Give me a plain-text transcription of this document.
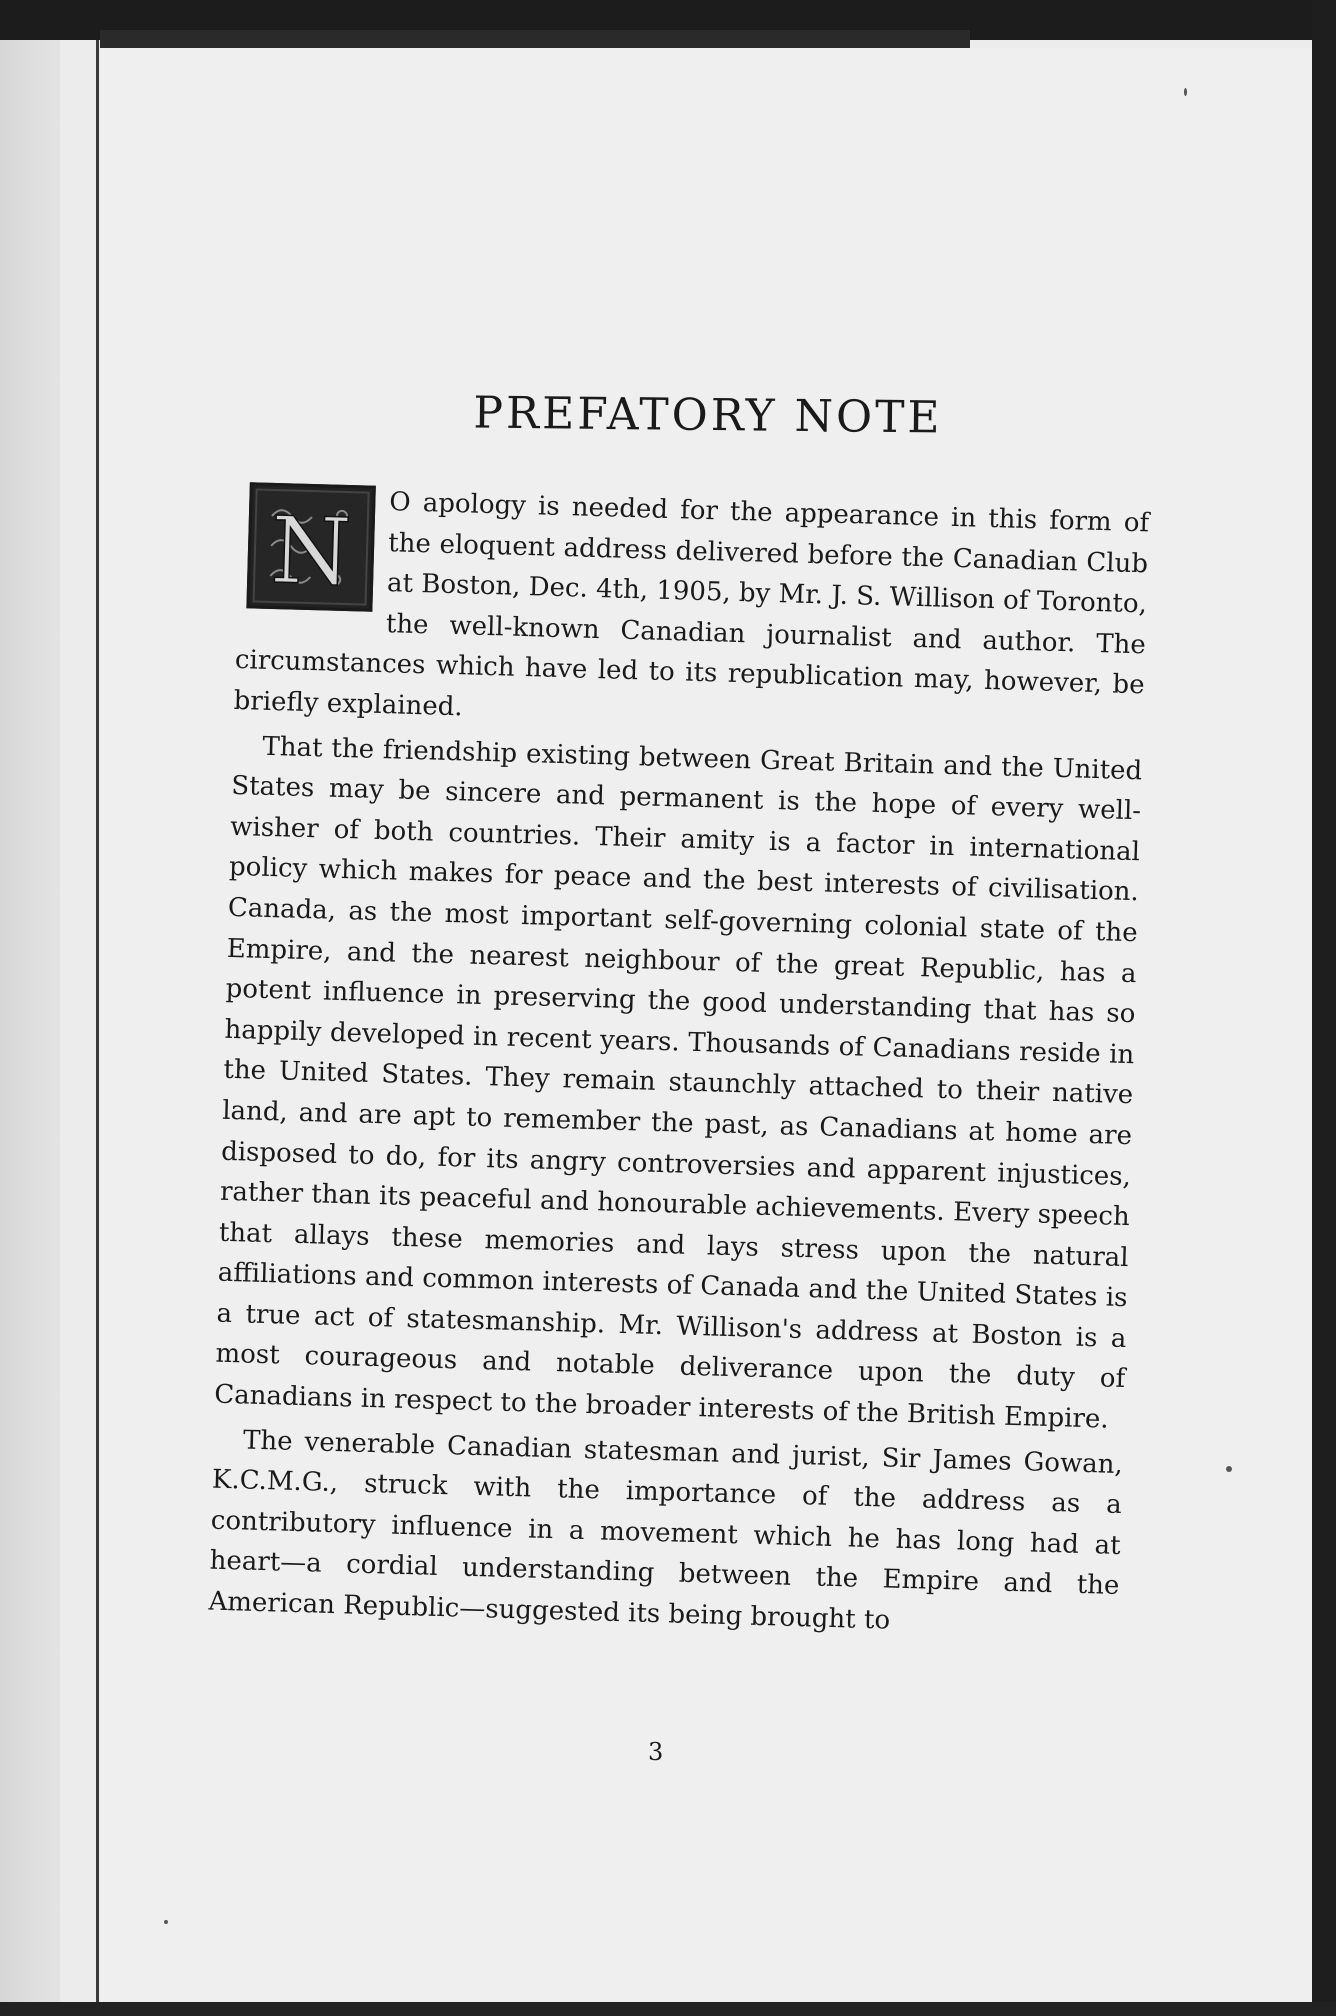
PREFATORY NOTE
N	O apology is needed for the appearance in this form of the eloquent address delivered before the Canadian Club at Boston, Dec. 4th, 1905, by Mr. J. S. Willison of Toronto, the well-known Canadian journalist and author. The circumstances which have led to its republication may, however, be briefly explained.

That the friendship existing between Great Britain and the United States may be sincere and permanent is the hope of every well-wisher of both countries. Their amity is a factor in international policy which makes for peace and the best interests of civilisation. Canada, as the most important self-governing colonial state of the Empire, and the nearest neighbour of the great Republic, has a potent influence in preserving the good understanding that has so happily developed in recent years. Thousands of Canadians reside in the United States. They remain staunchly attached to their native land, and are apt to remember the past, as Canadians at home are disposed to do, for its angry controversies and apparent injustices, rather than its peaceful and honourable achievements. Every speech that allays these memories and lays stress upon the natural affiliations and common interests of Canada and the United States is a true act of statesmanship. Mr. Willison's address at Boston is a most courageous and notable deliverance upon the duty of Canadians in respect to the broader interests of the British Empire.

The venerable Canadian statesman and jurist, Sir James Gowan, K.C.M.G., struck with the importance of the address as a contributory influence in a movement which he has long had at heart—a cordial understanding between the Empire and the American Republic—suggested its being brought to

3
